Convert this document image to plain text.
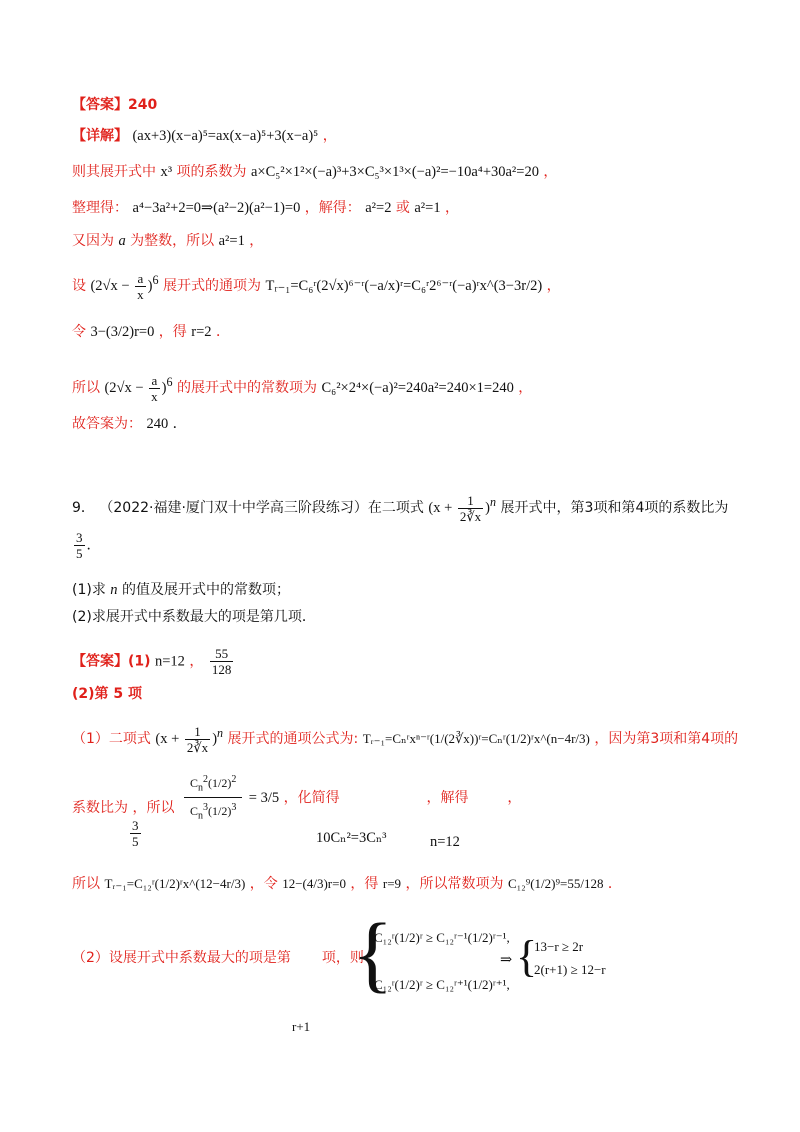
【答案】240
【详解】 (ax+3)(x−a)⁵=ax(x−a)⁵+3(x−a)⁵ ，
则其展开式中 x³ 项的系数为 a×C₅²×1²×(−a)³+3×C₅³×1³×(−a)²=−10a⁴+30a²=20 ，
整理得： a⁴−3a²+2=0⇒(a²−2)(a²−1)=0 ，解得： a²=2 或 a²=1 ，
又因为 a 为整数，所以 a²=1 ，
设 $(2√x - \frac{a}{x} )^6$ 展开式的通项为 Tᵣ₋₁=C₆ʳ(2√x)⁶⁻ʳ(−a/x)ʳ=C₆ʳ2⁶⁻ʳ(−a)ʳx^(3−3r/2) ，
令 3−(3/2)r=0 ，得 r=2 ．
所以 $(2√x - \frac{a}{x} )^6$ 的展开式中的常数项为 C₆²×2⁴×(−a)²=240a²=240×1=240 ，
故答案为： 240 ．
9． （2022·福建·厦门双十中学高三阶段练习）在二项式 $(x + \frac{1}{2∛x} )^n$ 展开式中，第3项和第4项的系数比为
$\frac{3}{5}$ ．
(1)求 n 的值及展开式中的常数项；
(2)求展开式中系数最大的项是第几项．
【答案】(1) n=12 ， $\frac{55}{128}$
(2)第 5 项
（1）二项式 $(x + \frac{1}{2∛x} )^n$ 展开式的通项公式为: Tᵣ₋₁=Cₙʳxⁿ⁻ʳ(1/(2∛x))ʳ=Cₙʳ(1/2)ʳx^(n−4r/3) ，因为第3项和第4项的
系数比为 ，所以
$\frac{3}{5}$
$\frac{C_n^2(1/2)^2}{C_n^3(1/2)^3} = 3/5$ ，化简得	，解得	，
10Cₙ²=3Cₙ³	n=12
所以 Tᵣ₋₁=C₁₂ʳ(1/2)ʳx^(12−4r/3) ，令 12−(4/3)r=0 ，得 r=9 ，所以常数项为 C₁₂⁹(1/2)⁹=55/128 ．
（2）设展开式中系数最大的项是第 项，则
r+1
{
C₁₂ʳ(1/2)ʳ ≥ C₁₂ʳ⁻¹(1/2)ʳ⁻¹,
C₁₂ʳ(1/2)ʳ ≥ C₁₂ʳ⁺¹(1/2)ʳ⁺¹,
⇒ {
13−r ≥ 2r
2(r+1) ≥ 12−r
